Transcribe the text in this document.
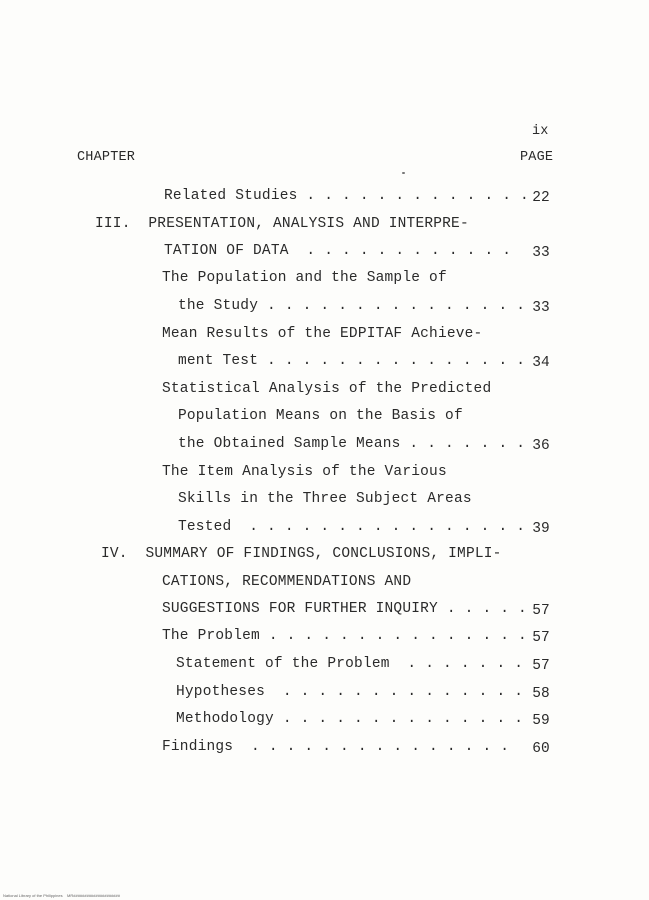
ix
CHAPTER	PAGE
Related Studies . . . . . . . . . . . . . 22
III.  PRESENTATION, ANALYSIS AND INTERPRE-
TATION OF DATA  . . . . . . . . . . . .	33
The Population and the Sample of
the Study . . . . . . . . . . . . . . . 33
Mean Results of the EDPITAF Achieve-
ment Test . . . . . . . . . . . . . . . 34
Statistical Analysis of the Predicted
Population Means on the Basis of
the Obtained Sample Means . . . . . . . 36
The Item Analysis of the Various
Skills in the Three Subject Areas
Tested  . . . . . . . . . . . . . . . . 39
IV.  SUMMARY OF FINDINGS, CONCLUSIONS, IMPLI-
CATIONS, RECOMMENDATIONS AND
SUGGESTIONS FOR FURTHER INQUIRY . . . . . 57
The Problem . . . . . . . . . . . . . . . 57
Statement of the Problem  . . . . . . . 57
Hypotheses  . . . . . . . . . . . . . . 58
Methodology . . . . . . . . . . . . . . 59
Findings  . . . . . . . . . . . . . . .	60
National Library of the Philippines    MR#####################
